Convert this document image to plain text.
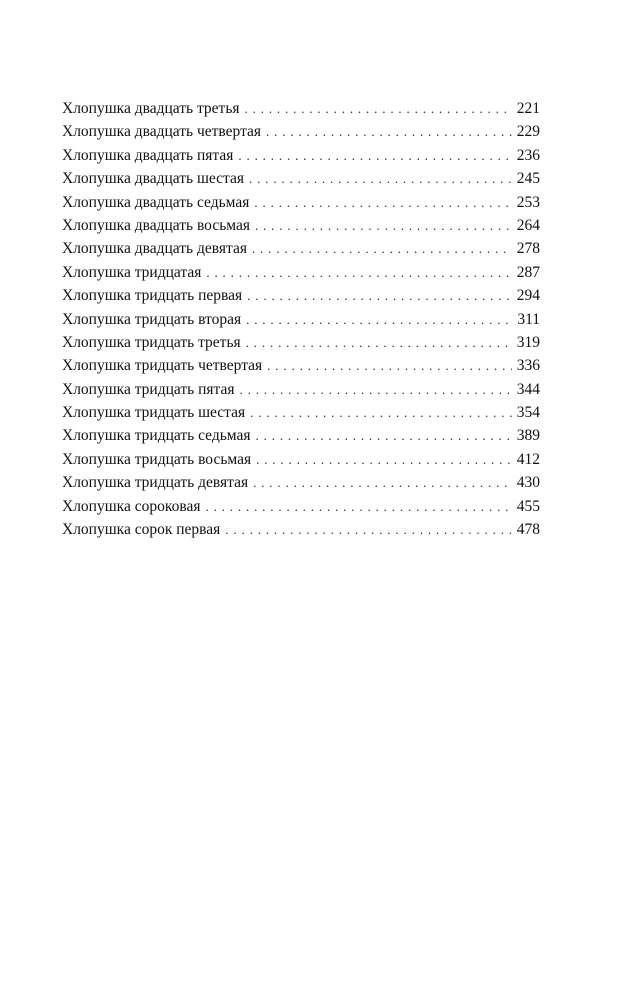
Хлопушка двадцать третья . . .	221
Хлопушка двадцать четвертая . . .	229
Хлопушка двадцать пятая . . .	236
Хлопушка двадцать шестая . . .	245
Хлопушка двадцать седьмая . . .	253
Хлопушка двадцать восьмая . . .	264
Хлопушка двадцать девятая . . .	278
Хлопушка тридцатая . . .	287
Хлопушка тридцать первая . . .	294
Хлопушка тридцать вторая . . .	311
Хлопушка тридцать третья . . .	319
Хлопушка тридцать четвертая . . .	336
Хлопушка тридцать пятая . . .	344
Хлопушка тридцать шестая . . .	354
Хлопушка тридцать седьмая . . .	389
Хлопушка тридцать восьмая . . .	412
Хлопушка тридцать девятая . . .	430
Хлопушка сороковая . . .	455
Хлопушка сорок первая . . .	478
